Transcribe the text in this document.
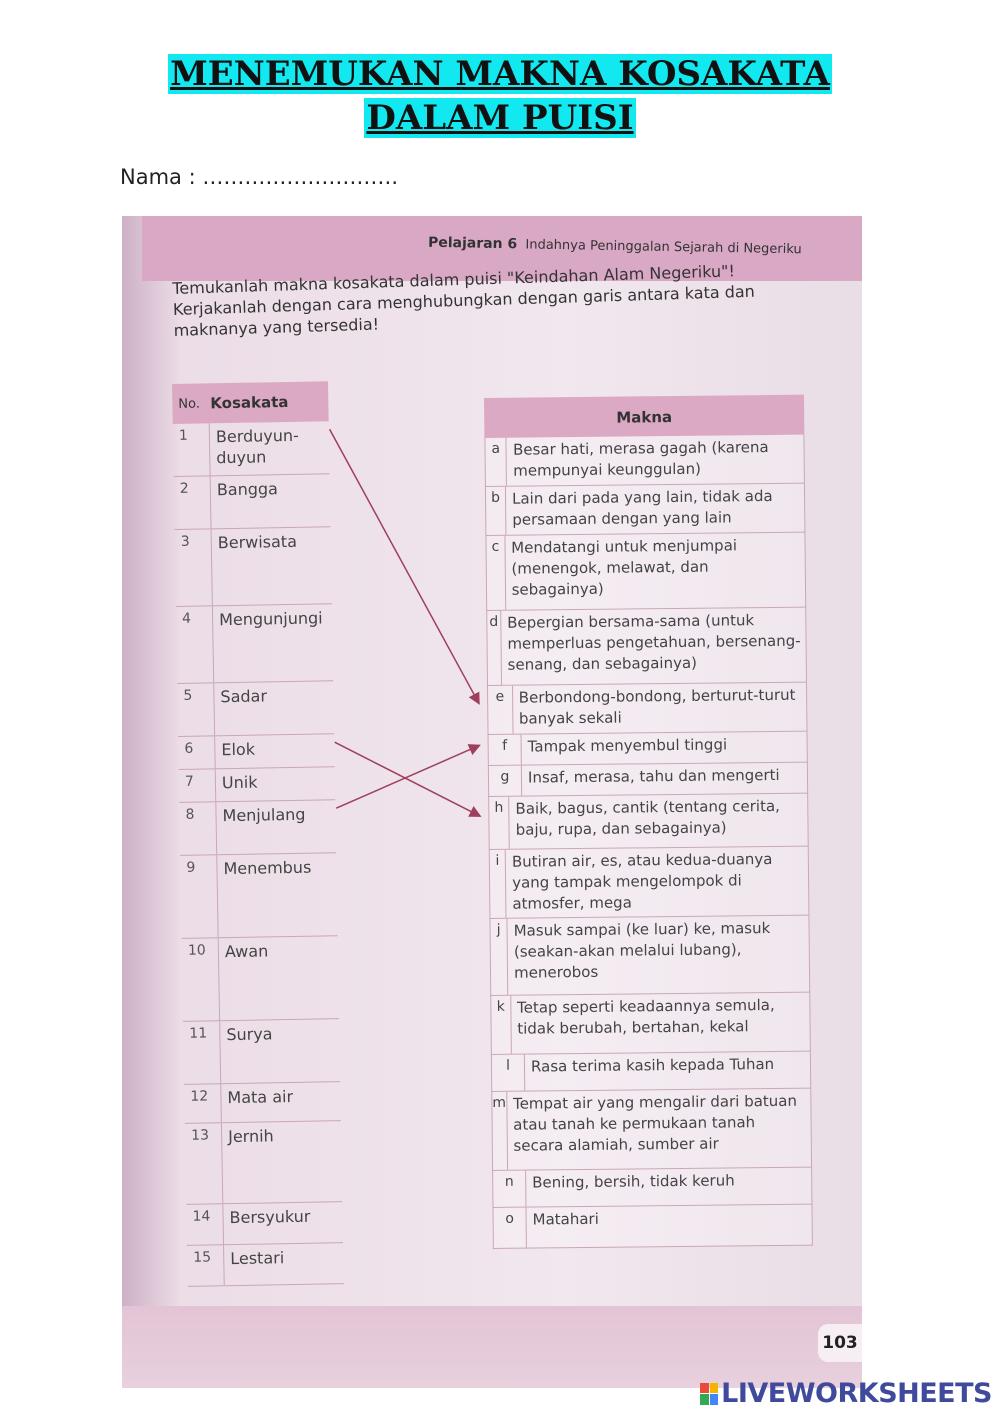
MENEMUKAN MAKNA KOSAKATA
DALAM PUISI
Nama : ……………………….
Pelajaran 6 Indahnya Peninggalan Sejarah di Negeriku
Temukanlah makna kosakata dalam puisi "Keindahan Alam Negeriku"! Kerjakanlah dengan cara menghubungkan dengan garis antara kata dan maknanya yang tersedia!
No. Kosakata
1	Berduyun-duyun
2	Bangga
3	Berwisata
4	Mengunjungi
5	Sadar
6	Elok
7	Unik
8	Menjulang
9	Menembus
10	Awan
11	Surya
12	Mata air
13	Jernih
14	Bersyukur
15	Lestari
Makna
a Besar hati, merasa gagah (karena mempunyai keunggulan)
b Lain dari pada yang lain, tidak ada persamaan dengan yang lain
c Mendatangi untuk menjumpai (menengok, melawat, dan sebagainya)
d Bepergian bersama-sama (untuk memperluas pengetahuan, bersenang-senang, dan sebagainya)
e Berbondong-bondong, berturut-turut banyak sekali
f	Tampak menyembul tinggi
g	Insaf, merasa, tahu dan mengerti
h Baik, bagus, cantik (tentang cerita, baju, rupa, dan sebagainya)
i Butiran air, es, atau kedua-duanya yang tampak mengelompok di atmosfer, mega
j Masuk sampai (ke luar) ke, masuk (seakan-akan melalui lubang), menerobos
k Tetap seperti keadaannya semula, tidak berubah, bertahan, kekal
l	Rasa terima kasih kepada Tuhan
m Tempat air yang mengalir dari batuan atau tanah ke permukaan tanah secara alamiah, sumber air
n	Bening, bersih, tidak keruh
o	Matahari
103
LIVEWORKSHEETS
